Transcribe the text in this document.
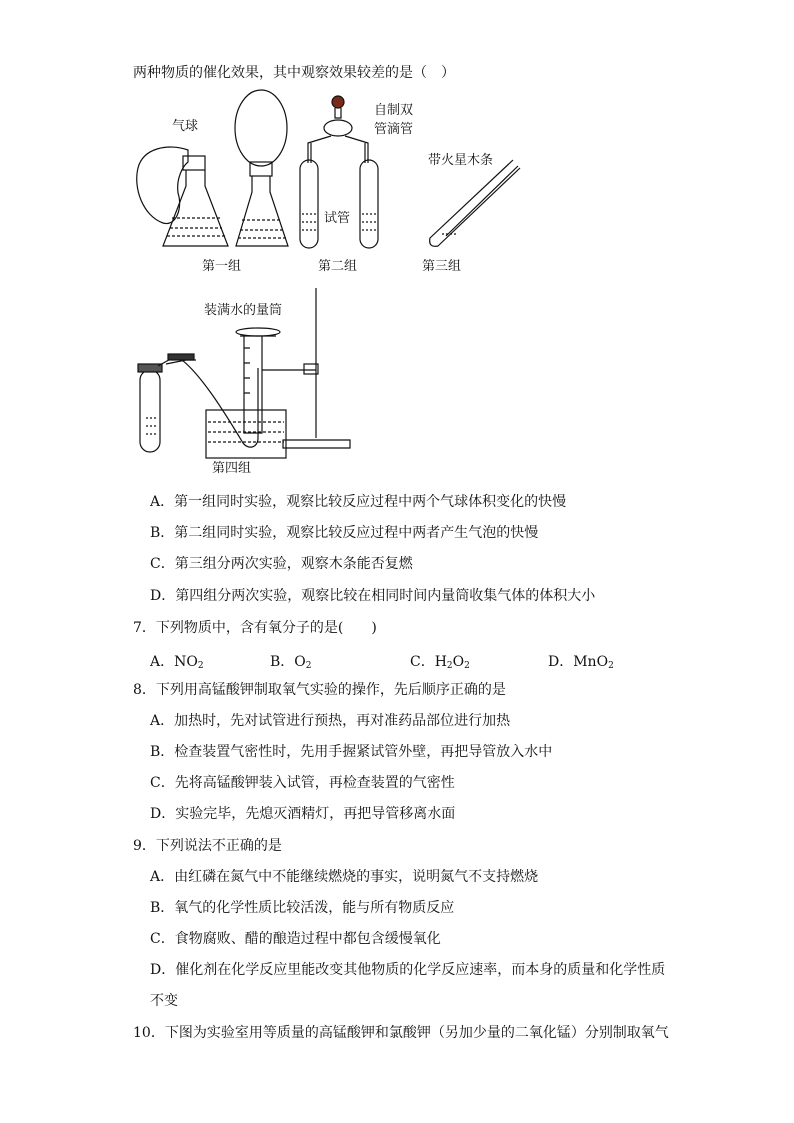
两种物质的催化效果，其中观察效果较差的是（　）
气球
自制双
管滴管
试管
带火星木条
装满水的量筒
第一组	第二组	第三组
第四组
A．第一组同时实验，观察比较反应过程中两个气球体积变化的快慢
B．第二组同时实验，观察比较反应过程中两者产生气泡的快慢
C．第三组分两次实验，观察木条能否复燃
D．第四组分两次实验，观察比较在相同时间内量筒收集气体的体积大小
7．下列物质中，含有氧分子的是(　　)
A．$NO_2$	B．$O_2$	C．$H_2O_2$	D．MnO$_2$
8．下列用高锰酸钾制取氧气实验的操作，先后顺序正确的是
A．加热时，先对试管进行预热，再对准药品部位进行加热
B．检查装置气密性时，先用手握紧试管外壁，再把导管放入水中
C．先将高锰酸钾装入试管，再检查装置的气密性
D．实验完毕，先熄灭酒精灯，再把导管移离水面
9．下列说法不正确的是
A．由红磷在氮气中不能继续燃烧的事实，说明氮气不支持燃烧
B．氧气的化学性质比较活泼，能与所有物质反应
C．食物腐败、醋的酿造过程中都包含缓慢氧化
D．催化剂在化学反应里能改变其他物质的化学反应速率，而本身的质量和化学性质
不变
10．下图为实验室用等质量的高锰酸钾和氯酸钾（另加少量的二氧化锰）分别制取氧气
